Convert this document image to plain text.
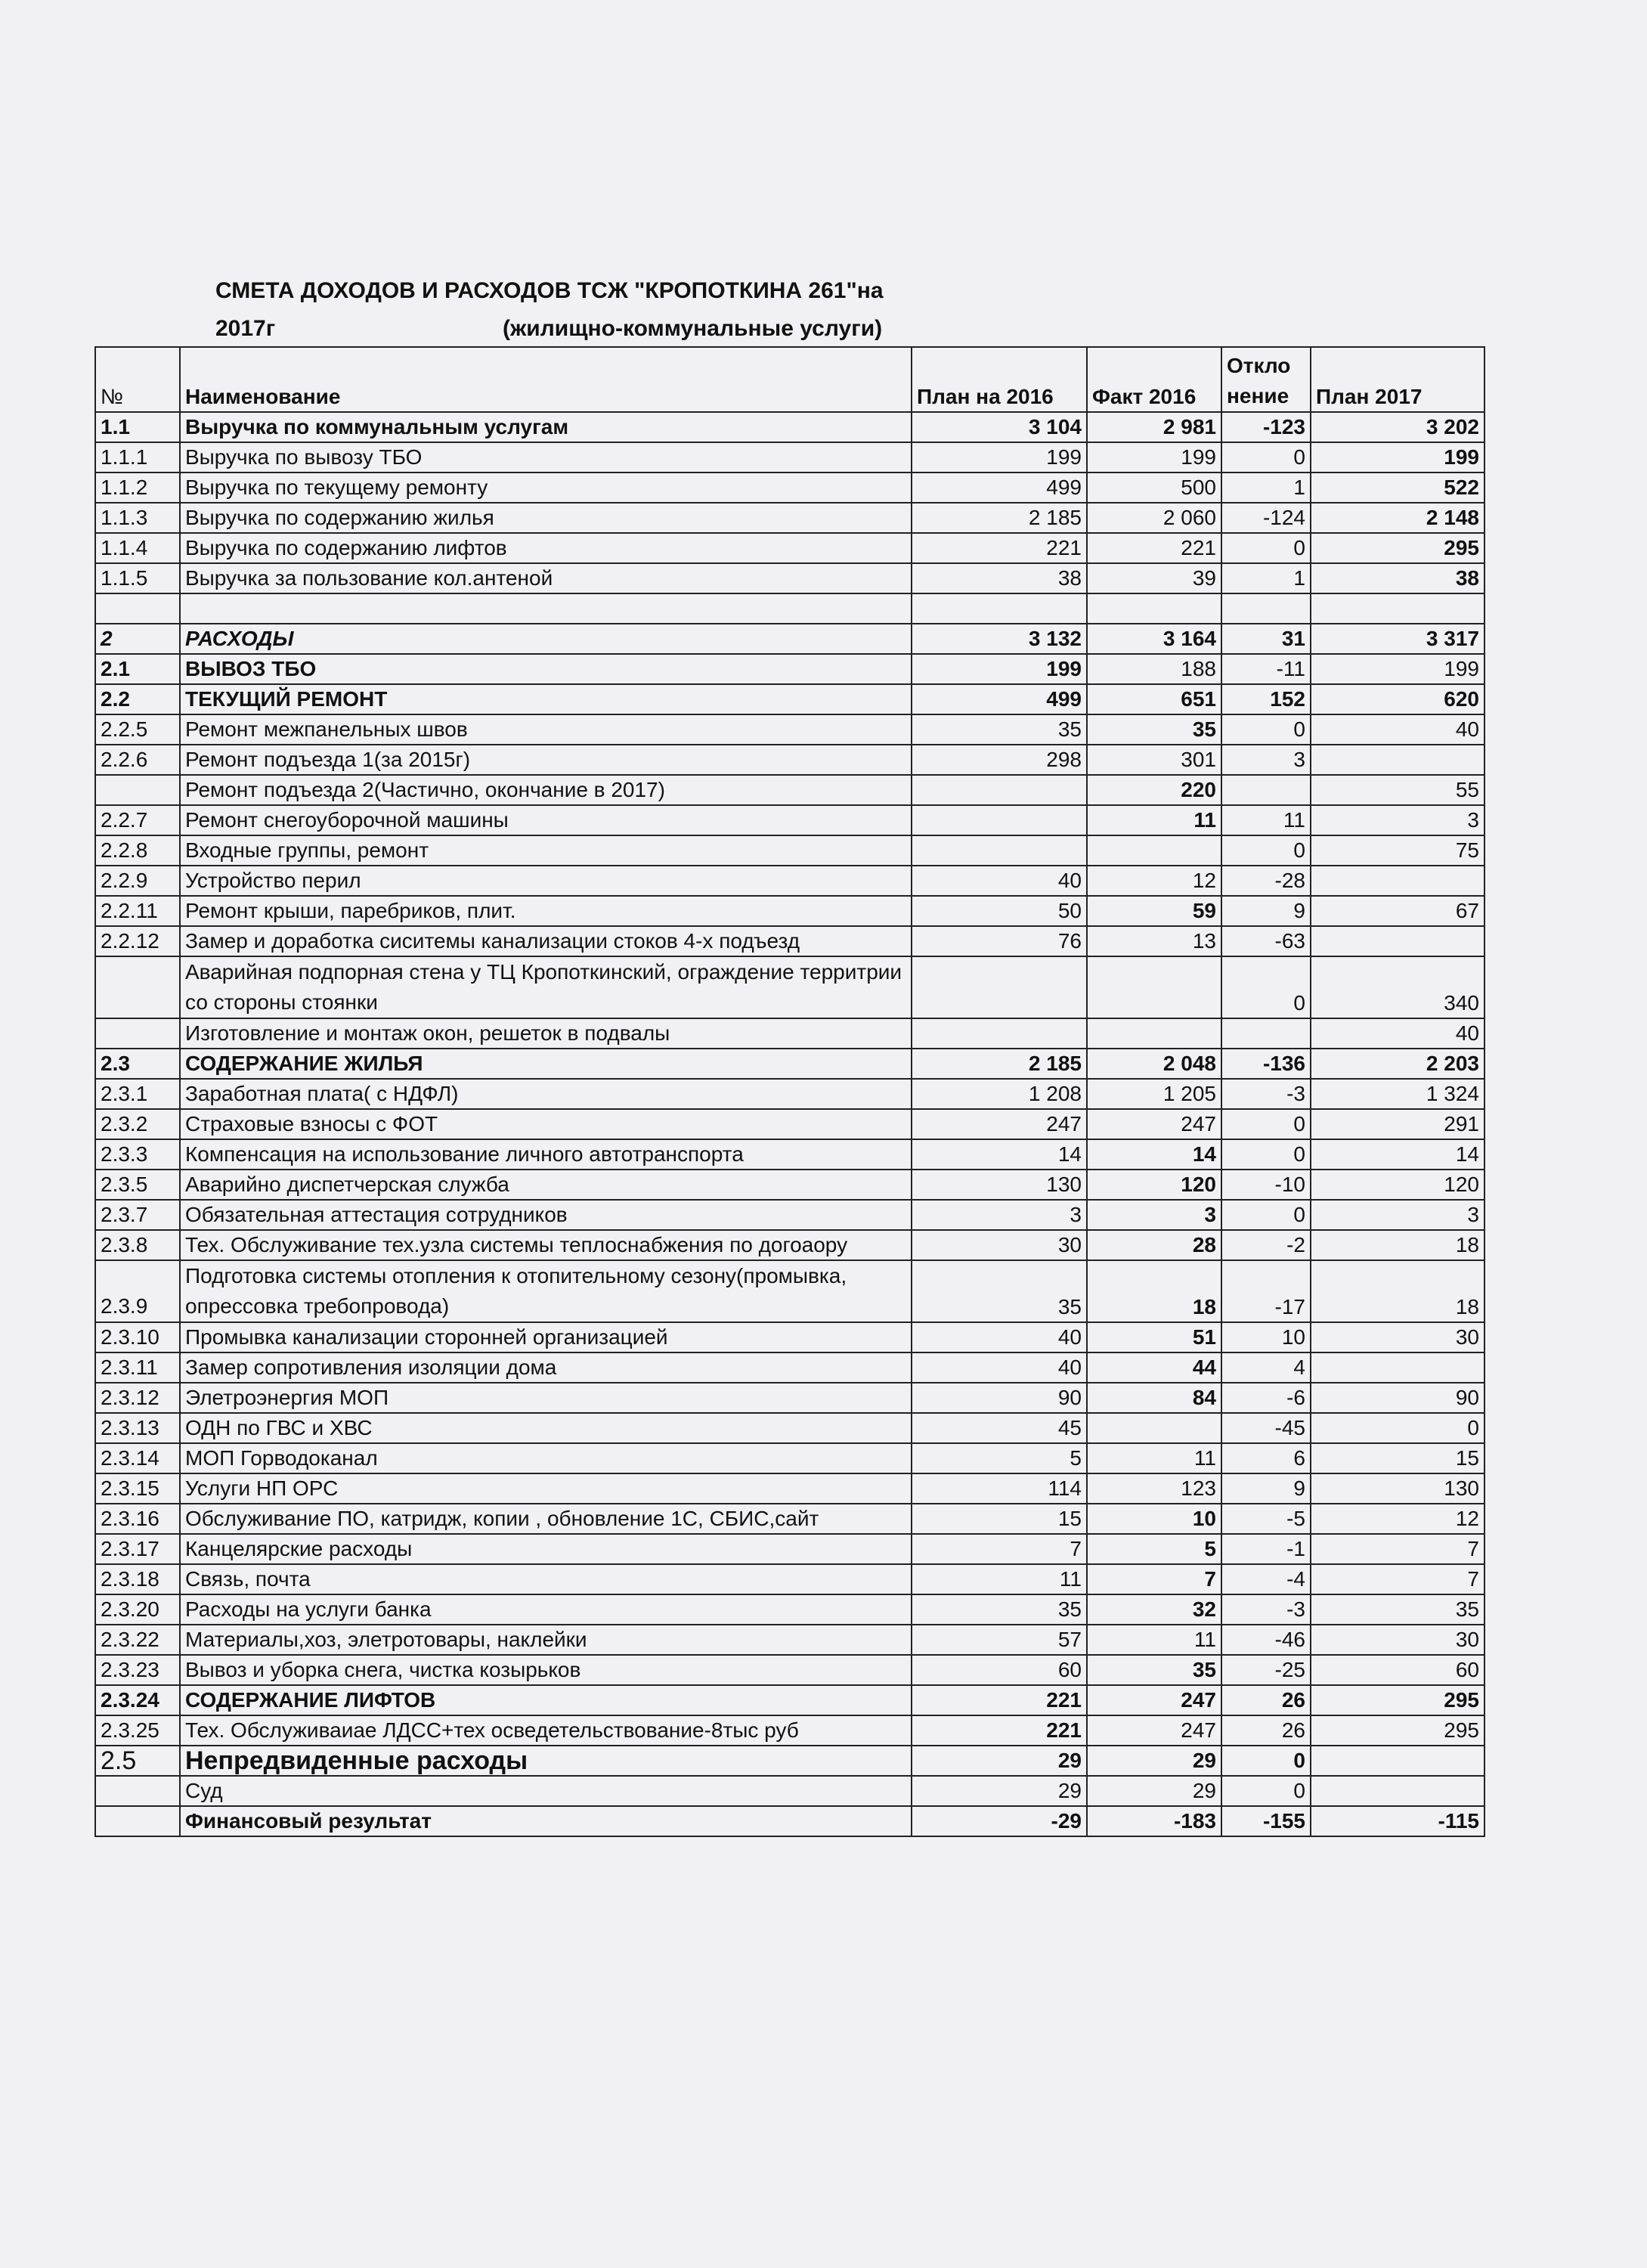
СМЕТА ДОХОДОВ И РАСХОДОВ ТСЖ "КРОПОТКИНА 261"на
2017г	(жилищно-коммунальные услуги)
№	Наименование	План на 2016	Факт 2016	Откло нение	План 2017
1.1	Выручка по коммунальным услугам	3 104	2 981	-123	3 202
1.1.1	Выручка по вывозу ТБО	199	199	0	199
1.1.2	Выручка по текущему ремонту	499	500	1	522
1.1.3	Выручка по содержанию жилья	2 185	2 060	-124	2 148
1.1.4	Выручка по содержанию лифтов	221	221	0	295
1.1.5	Выручка за пользование кол.антеной	38	39	1	38

2	РАСХОДЫ	3 132	3 164	31	3 317
2.1	ВЫВОЗ ТБО	199	188	-11	199
2.2	ТЕКУЩИЙ РЕМОНТ	499	651	152	620
2.2.5	Ремонт межпанельных швов	35	35	0	40
2.2.6	Ремонт подъезда 1(за 2015г)	298	301	3	
	Ремонт подъезда 2(Частично, окончание в 2017)		220		55
2.2.7	Ремонт снегоуборочной машины		11	11	3
2.2.8	Входные группы, ремонт			0	75
2.2.9	Устройство перил	40	12	-28	
2.2.11	Ремонт крыши, паребриков, плит.	50	59	9	67
2.2.12	Замер и доработка сиситемы канализации стоков 4-х подъезд	76	13	-63	
	Аварийная подпорная стена у ТЦ Кропоткинский, ограждение территрии со стороны стоянки			0	340
	Изготовление и монтаж окон, решеток в подвалы				40
2.3	СОДЕРЖАНИЕ ЖИЛЬЯ	2 185	2 048	-136	2 203
2.3.1	Заработная плата( с НДФЛ)	1 208	1 205	-3	1 324
2.3.2	Страховые взносы с ФОТ	247	247	0	291
2.3.3	Компенсация на использование личного автотранспорта	14	14	0	14
2.3.5	Аварийно диспетчерская служба	130	120	-10	120
2.3.7	Обязательная аттестация сотрудников	3	3	0	3
2.3.8	Тех. Обслуживание тех.узла системы теплоснабжения по догоаору	30	28	-2	18
2.3.9	Подготовка системы отопления к отопительному сезону(промывка, опрессовка требопровода)	35	18	-17	18
2.3.10	Промывка канализации сторонней организацией	40	51	10	30
2.3.11	Замер сопротивления изоляции дома	40	44	4	
2.3.12	Элетроэнергия МОП	90	84	-6	90
2.3.13	ОДН по ГВС и ХВС	45		-45	0
2.3.14	МОП Горводоканал	5	11	6	15
2.3.15	Услуги НП ОРС	114	123	9	130
2.3.16	Обслуживание ПО, катридж, копии , обновление 1С, СБИС,сайт	15	10	-5	12
2.3.17	Канцелярские расходы	7	5	-1	7
2.3.18	Связь, почта	11	7	-4	7
2.3.20	Расходы на услуги банка	35	32	-3	35
2.3.22	Материалы,хоз, элетротовары, наклейки	57	11	-46	30
2.3.23	Вывоз и уборка снега, чистка козырьков	60	35	-25	60
2.3.24	СОДЕРЖАНИЕ ЛИФТОВ	221	247	26	295
2.3.25	Тех. Обслуживаиае ЛДСС+тех осведетельствование-8тыс руб	221	247	26	295
2.5	Непредвиденные расходы	29	29	0	
	Суд	29	29	0	
	Финансовый результат	-29	-183	-155	-115
